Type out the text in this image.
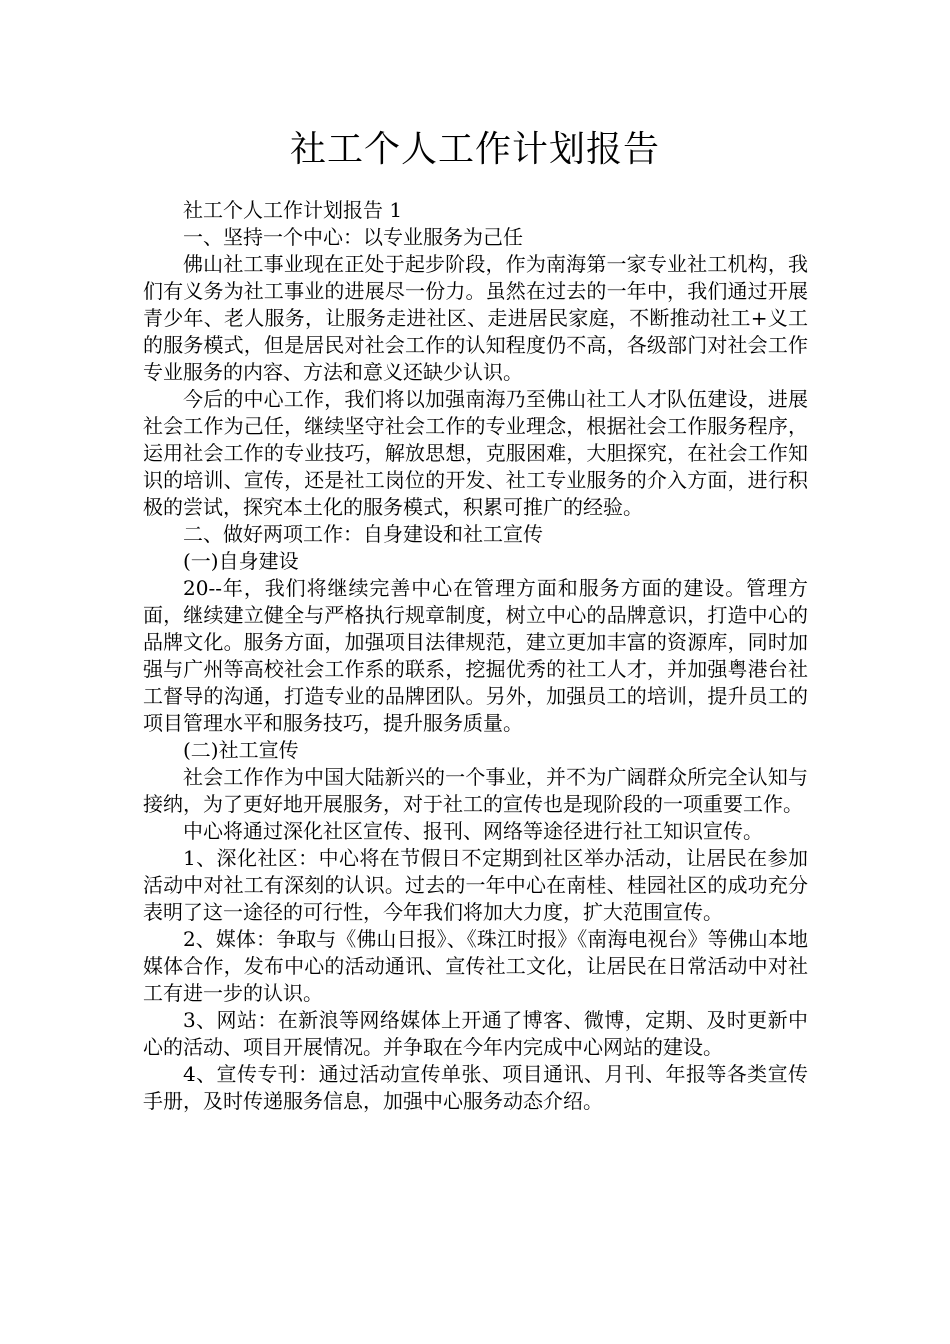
社工个人工作计划报告

社工个人工作计划报告 1

一、坚持一个中心：以专业服务为己任

佛山社工事业现在正处于起步阶段，作为南海第一家专业社工机构，我们有义务为社工事业的进展尽一份力。虽然在过去的一年中，我们通过开展青少年、老人服务，让服务走进社区、走进居民家庭，不断推动社工+义工的服务模式，但是居民对社会工作的认知程度仍不高，各级部门对社会工作专业服务的内容、方法和意义还缺少认识。

今后的中心工作，我们将以加强南海乃至佛山社工人才队伍建设，进展社会工作为己任，继续坚守社会工作的专业理念，根据社会工作服务程序，运用社会工作的专业技巧，解放思想，克服困难，大胆探究，在社会工作知识的培训、宣传，还是社工岗位的开发、社工专业服务的介入方面，进行积极的尝试，探究本土化的服务模式，积累可推广的经验。

二、做好两项工作：自身建设和社工宣传

(一)自身建设

20--年，我们将继续完善中心在管理方面和服务方面的建设。管理方面，继续建立健全与严格执行规章制度，树立中心的品牌意识，打造中心的品牌文化。服务方面，加强项目法律规范，建立更加丰富的资源库，同时加强与广州等高校社会工作系的联系，挖掘优秀的社工人才，并加强粤港台社工督导的沟通，打造专业的品牌团队。另外，加强员工的培训，提升员工的项目管理水平和服务技巧，提升服务质量。

(二)社工宣传

社会工作作为中国大陆新兴的一个事业，并不为广阔群众所完全认知与接纳，为了更好地开展服务，对于社工的宣传也是现阶段的一项重要工作。

中心将通过深化社区宣传、报刊、网络等途径进行社工知识宣传。

1、深化社区：中心将在节假日不定期到社区举办活动，让居民在参加活动中对社工有深刻的认识。过去的一年中心在南桂、桂园社区的成功充分表明了这一途径的可行性，今年我们将加大力度，扩大范围宣传。

2、媒体：争取与《佛山日报》、《珠江时报》《南海电视台》等佛山本地媒体合作，发布中心的活动通讯、宣传社工文化，让居民在日常活动中对社工有进一步的认识。

3、网站：在新浪等网络媒体上开通了博客、微博，定期、及时更新中心的活动、项目开展情况。并争取在今年内完成中心网站的建设。

4、宣传专刊：通过活动宣传单张、项目通讯、月刊、年报等各类宣传手册，及时传递服务信息，加强中心服务动态介绍。
